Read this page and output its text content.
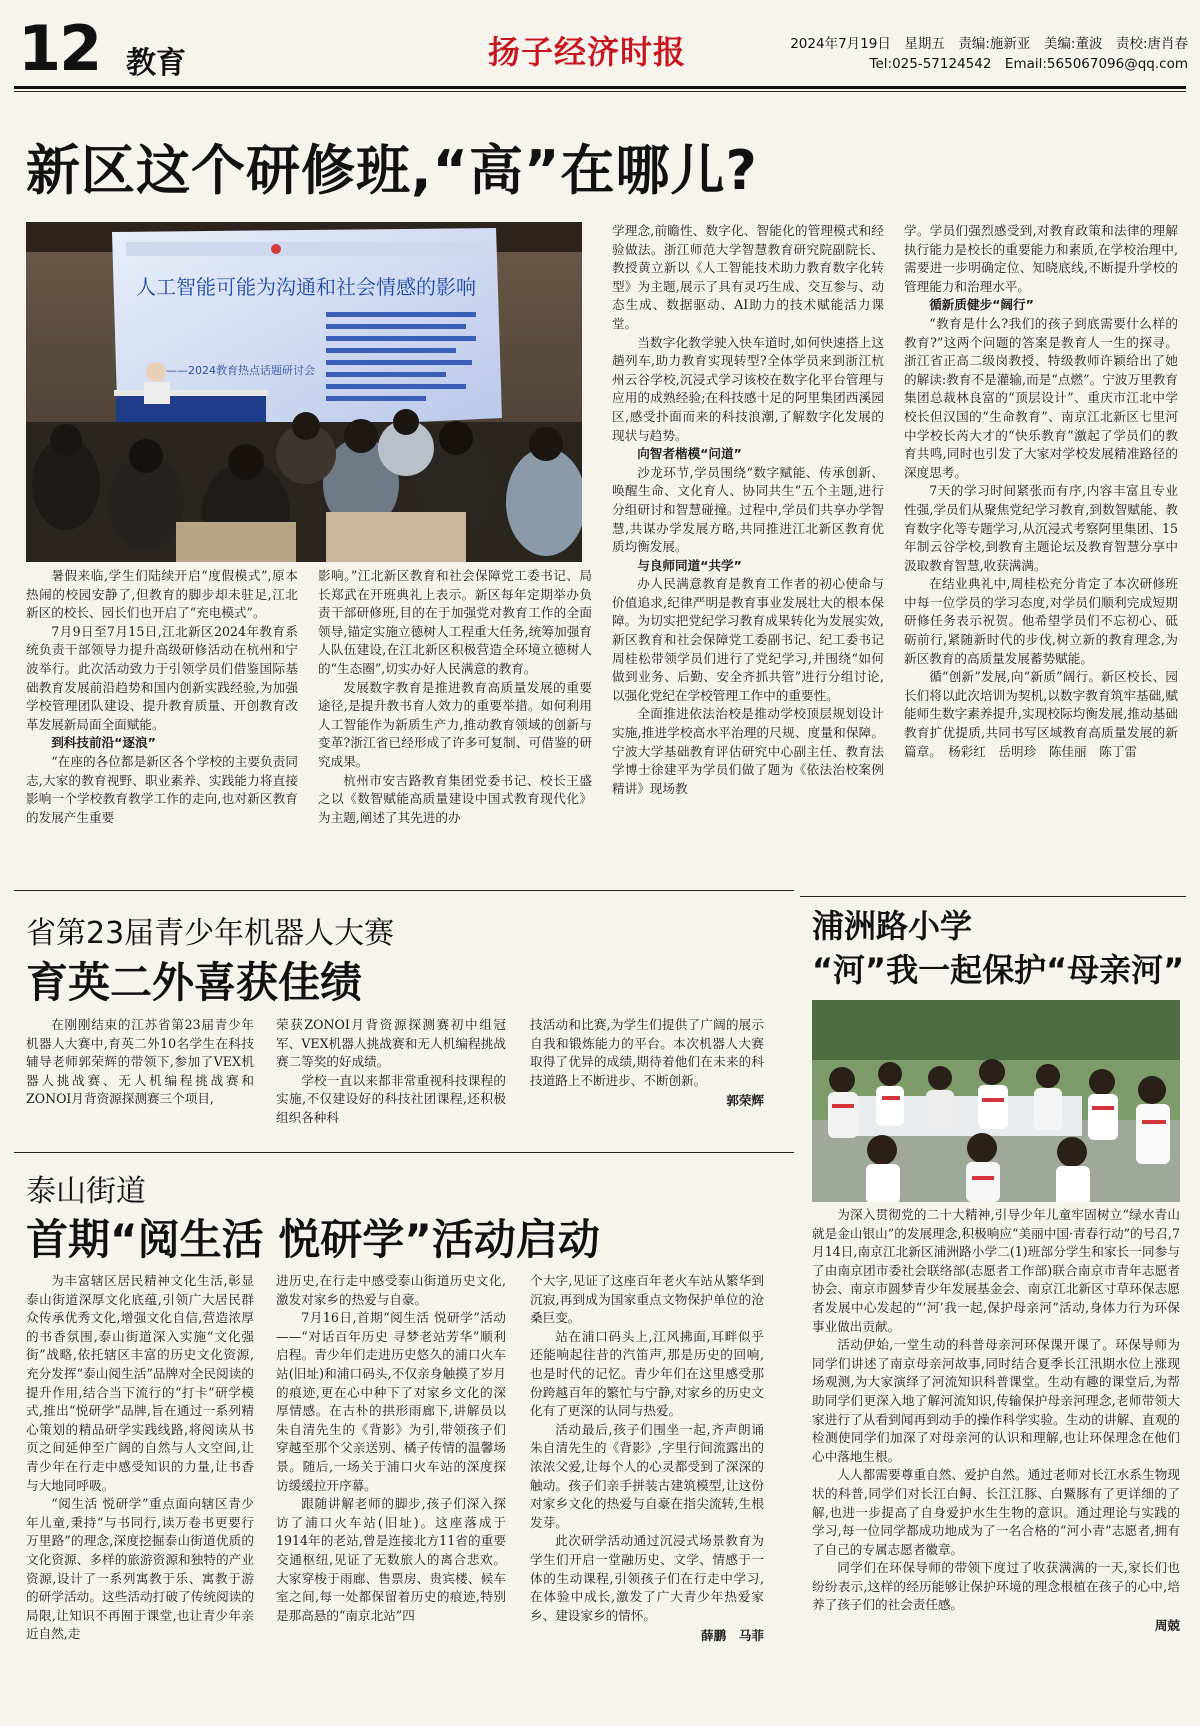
12 教育	扬子经济时报	2024年7月19日　星期五　责编:施新亚　美编:董波　责校:唐肖春
Tel:025-57124542　Email:565067096@qq.com
新区这个研修班,“高”在哪儿?
人工智能可能为沟通和社会情感的影响
——2024教育热点话题研讨会

暑假来临,学生们陆续开启“度假模式”,原本热闹的校园安静了,但教育的脚步却未驻足,江北新区的校长、园长们也开启了“充电模式”。

7月9日至7月15日,江北新区2024年教育系统负责干部领导力提升高级研修活动在杭州和宁波举行。此次活动致力于引领学员们借鉴国际基础教育发展前沿趋势和国内创新实践经验,为加强学校管理团队建设、提升教育质量、开创教育改革发展新局面全面赋能。

到科技前沿“逐浪”

“在座的各位都是新区各个学校的主要负责同志,大家的教育视野、职业素养、实践能力将直接影响一个学校教育教学工作的走向,也对新区教育的发展产生重要

影响。”江北新区教育和社会保障党工委书记、局长郑武在开班典礼上表示。新区每年定期举办负责干部研修班,目的在于加强党对教育工作的全面领导,锚定实施立德树人工程重大任务,统筹加强育人队伍建设,在江北新区积极营造全环境立德树人的“生态圈”,切实办好人民满意的教育。

发展数字教育是推进教育高质量发展的重要途径,是提升教书育人效力的重要举措。如何利用人工智能作为新质生产力,推动教育领域的创新与变革?浙江省已经形成了许多可复制、可借鉴的研究成果。

杭州市安吉路教育集团党委书记、校长王盛之以《数智赋能高质量建设中国式教育现代化》为主题,阐述了其先进的办

学理念,前瞻性、数字化、智能化的管理模式和经验做法。浙江师范大学智慧教育研究院副院长、教授黄立新以《人工智能技术助力教育数字化转型》为主题,展示了具有灵巧生成、交互参与、动态生成、数据驱动、AI助力的技术赋能活力课堂。

当数字化教学驶入快车道时,如何快速搭上这趟列车,助力教育实现转型?全体学员来到浙江杭州云谷学校,沉浸式学习该校在数字化平台管理与应用的成熟经验;在科技感十足的阿里集团西溪园区,感受扑面而来的科技浪潮,了解数字化发展的现状与趋势。

向智者楷模“问道”

沙龙环节,学员围绕“数字赋能、传承创新、唤醒生命、文化育人、协同共生”五个主题,进行分组研讨和智慧碰撞。过程中,学员们共享办学智慧,共谋办学发展方略,共同推进江北新区教育优质均衡发展。

与良师同道“共学”

办人民满意教育是教育工作者的初心使命与价值追求,纪律严明是教育事业发展壮大的根本保障。为切实把党纪学习教育成果转化为发展实效,新区教育和社会保障党工委副书记、纪工委书记周桂松带领学员们进行了党纪学习,并围绕“如何做到业务、后勤、安全齐抓共管”进行分组讨论,以强化党纪在学校管理工作中的重要性。

全面推进依法治校是推动学校顶层规划设计实施,推进学校高水平治理的尺规、度量和保障。宁波大学基础教育评估研究中心副主任、教育法学博士徐建平为学员们做了题为《依法治校案例精讲》现场教

学。学员们强烈感受到,对教育政策和法律的理解执行能力是校长的重要能力和素质,在学校治理中,需要进一步明确定位、知晓底线,不断提升学校的管理能力和治理水平。

循新质健步“阔行”

“教育是什么?我们的孩子到底需要什么样的教育?”这两个问题的答案是教育人一生的探寻。浙江省正高二级岗教授、特级教师许颖给出了她的解读:教育不是灌输,而是“点燃”。宁波万里教育集团总裁林良富的“顶层设计”、重庆市江北中学校长但汉国的“生命教育”、南京江北新区七里河中学校长芮大才的“快乐教育”激起了学员们的教育共鸣,同时也引发了大家对学校发展精准路径的深度思考。

7天的学习时间紧张而有序,内容丰富且专业性强,学员们从聚焦党纪学习教育,到数智赋能、教育数字化等专题学习,从沉浸式考察阿里集团、15年制云谷学校,到教育主题论坛及教育智慧分享中汲取教育智慧,收获满满。

在结业典礼中,周桂松充分肯定了本次研修班中每一位学员的学习态度,对学员们顺利完成短期研修任务表示祝贺。他希望学员们不忘初心、砥砺前行,紧随新时代的步伐,树立新的教育理念,为新区教育的高质量发展蓄势赋能。

循“创新”发展,向“新质”阔行。新区校长、园长们将以此次培训为契机,以数字教育筑牢基础,赋能师生数字素养提升,实现校际均衡发展,推动基础教育扩优提质,共同书写区域教育高质量发展的新篇章。　杨彩红　岳明珍　陈佳丽　陈丁雷

省第23届青少年机器人大赛
育英二外喜获佳绩

在刚刚结束的江苏省第23届青少年机器人大赛中,育英二外10名学生在科技辅导老师郭荣辉的带领下,参加了VEX机器人挑战赛、无人机编程挑战赛和ZONOI月背资源探测赛三个项目,

荣获ZONOI月背资源探测赛初中组冠军、VEX机器人挑战赛和无人机编程挑战赛二等奖的好成绩。

学校一直以来都非常重视科技课程的实施,不仅建设好的科技社团课程,还积极组织各种科

技活动和比赛,为学生们提供了广阔的展示自我和锻炼能力的平台。本次机器人大赛取得了优异的成绩,期待着他们在未来的科技道路上不断进步、不断创新。

郭荣辉
泰山街道
首期“阅生活 悦研学”活动启动

为丰富辖区居民精神文化生活,彰显泰山街道深厚文化底蕴,引领广大居民群众传承优秀文化,增强文化自信,营造浓厚的书香氛围,泰山街道深入实施“文化强街”战略,依托辖区丰富的历史文化资源,充分发挥“泰山阅生活”品牌对全民阅读的提升作用,结合当下流行的“打卡”研学模式,推出“悦研学”品牌,旨在通过一系列精心策划的精品研学实践线路,将阅读从书页之间延伸至广阔的自然与人文空间,让青少年在行走中感受知识的力量,让书香与大地同呼吸。

“阅生活 悦研学”重点面向辖区青少年儿童,秉持“与书同行,读万卷书更要行万里路”的理念,深度挖掘泰山街道优质的文化资源、多样的旅游资源和独特的产业资源,设计了一系列寓教于乐、寓教于游的研学活动。这些活动打破了传统阅读的局限,让知识不再囿于课堂,也让青少年亲近自然,走

进历史,在行走中感受泰山街道历史文化,激发对家乡的热爱与自豪。

7月16日,首期“阅生活 悦研学”活动——“对话百年历史 寻梦老站芳华”顺利启程。青少年们走进历史悠久的浦口火车站(旧址)和浦口码头,不仅亲身触摸了岁月的痕迹,更在心中种下了对家乡文化的深厚情感。在古朴的拱形雨廊下,讲解员以朱自清先生的《背影》为引,带领孩子们穿越至那个父亲送别、橘子传情的温馨场景。随后,一场关于浦口火车站的深度探访缓缓拉开序幕。

跟随讲解老师的脚步,孩子们深入探访了浦口火车站(旧址)。这座落成于1914年的老站,曾是连接北方11省的重要交通枢纽,见证了无数旅人的离合悲欢。大家穿梭于雨廊、售票房、贵宾楼、候车室之间,每一处都保留着历史的痕迹,特别是那高悬的“南京北站”四

个大字,见证了这座百年老火车站从繁华到沉寂,再到成为国家重点文物保护单位的沧桑巨变。

站在浦口码头上,江风拂面,耳畔似乎还能响起往昔的汽笛声,那是历史的回响,也是时代的记忆。青少年们在这里感受那份跨越百年的繁忙与宁静,对家乡的历史文化有了更深的认同与热爱。

活动最后,孩子们围坐一起,齐声朗诵朱自清先生的《背影》,字里行间流露出的浓浓父爱,让每个人的心灵都受到了深深的触动。孩子们亲手拼装古建筑模型,让这份对家乡文化的热爱与自豪在指尖流转,生根发芽。

此次研学活动通过沉浸式场景教育为学生们开启一堂融历史、文学、情感于一体的生动课程,引领孩子们在行走中学习,在体验中成长,激发了广大青少年热爱家乡、建设家乡的情怀。

薛鹏　马菲
浦洲路小学
“河”我一起保护“母亲河”

为深入贯彻党的二十大精神,引导少年儿童牢固树立“绿水青山就是金山银山”的发展理念,积极响应“美丽中国·青春行动”的号召,7月14日,南京江北新区浦洲路小学二(1)班部分学生和家长一同参与了由南京团市委社会联络部(志愿者工作部)联合南京市青年志愿者协会、南京市圆梦青少年发展基金会、南京江北新区寸草环保志愿者发展中心发起的“‘河’我一起,保护母亲河”活动,身体力行为环保事业做出贡献。

活动伊始,一堂生动的科普母亲河环保课开课了。环保导师为同学们讲述了南京母亲河故事,同时结合夏季长江汛期水位上涨现场观测,为大家演绎了河流知识科普课堂。生动有趣的课堂后,为帮助同学们更深入地了解河流知识,传输保护母亲河理念,老师带领大家进行了从看到闻再到动手的操作科学实验。生动的讲解、直观的检测使同学们加深了对母亲河的认识和理解,也让环保理念在他们心中落地生根。

人人都需要尊重自然、爱护自然。通过老师对长江水系生物现状的科普,同学们对长江白鲟、长江江豚、白鱀豚有了更详细的了解,也进一步提高了自身爱护水生生物的意识。通过理论与实践的学习,每一位同学都成功地成为了一名合格的“河小青”志愿者,拥有了自己的专属志愿者徽章。

同学们在环保导师的带领下度过了收获满满的一天,家长们也纷纷表示,这样的经历能够让保护环境的理念根植在孩子的心中,培养了孩子们的社会责任感。

周兢
